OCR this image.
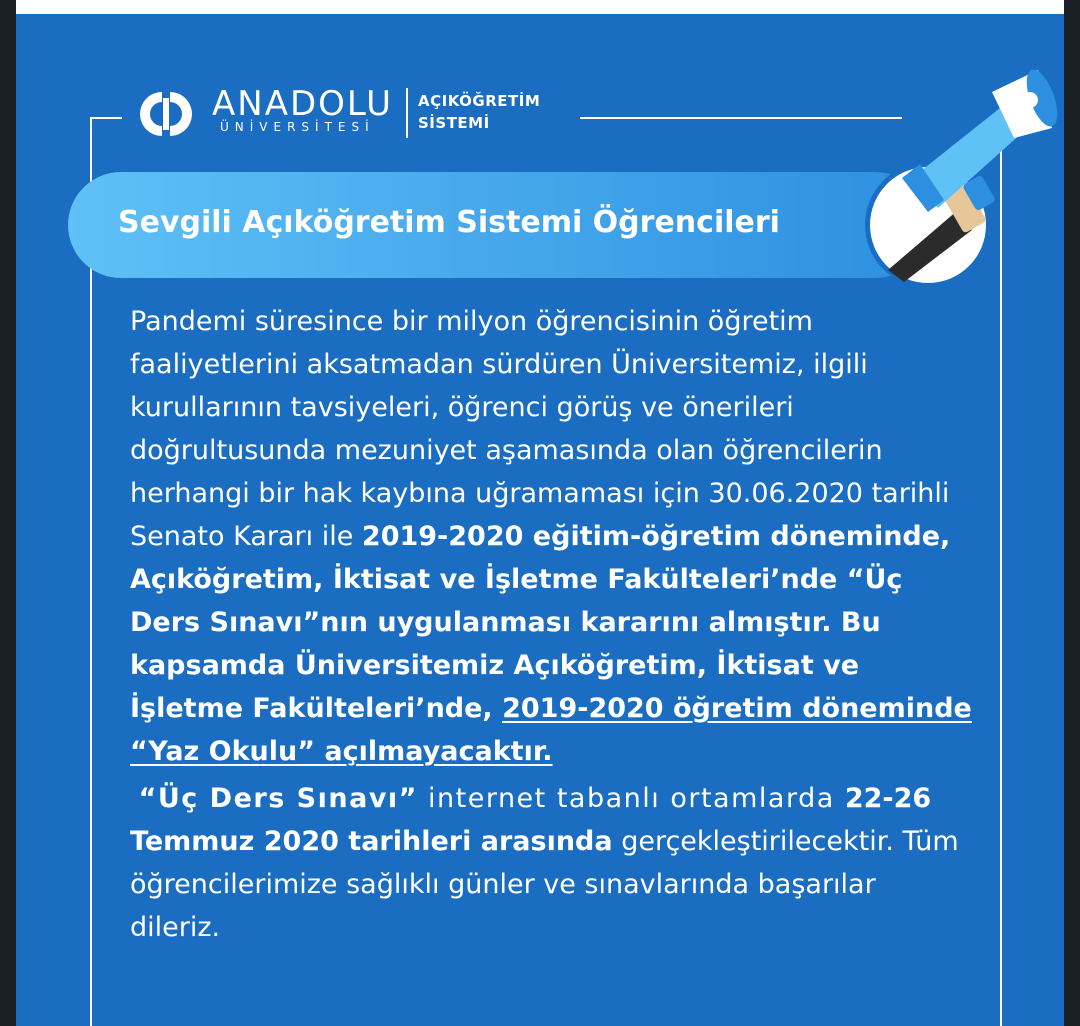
ANADOLU
ÜNİVERSİTESİ
AÇIKÖĞRETİM
SİSTEMİ
Sevgili Açıköğretim Sistemi Öğrencileri

Pandemi süresince bir milyon öğrencisinin öğretim faaliyetlerini aksatmadan sürdüren Üniversitemiz, ilgili kurullarının tavsiyeleri, öğrenci görüş ve önerileri doğrultusunda mezuniyet aşamasında olan öğrencilerin herhangi bir hak kaybına uğramaması için 30.06.2020 tarihli Senato Kararı ile 2019-2020 eğitim-öğretim döneminde, Açıköğretim, İktisat ve İşletme Fakülteleri’nde “Üç Ders Sınavı”nın uygulanması kararını almıştır. Bu kapsamda Üniversitemiz Açıköğretim, İktisat ve İşletme Fakülteleri’nde, 2019-2020 öğretim döneminde “Yaz Okulu” açılmayacaktır.

“Üç Ders Sınavı” internet tabanlı ortamlarda 22-26 Temmuz 2020 tarihleri arasında gerçekleştirilecektir. Tüm öğrencilerimize sağlıklı günler ve sınavlarında başarılar dileriz.
